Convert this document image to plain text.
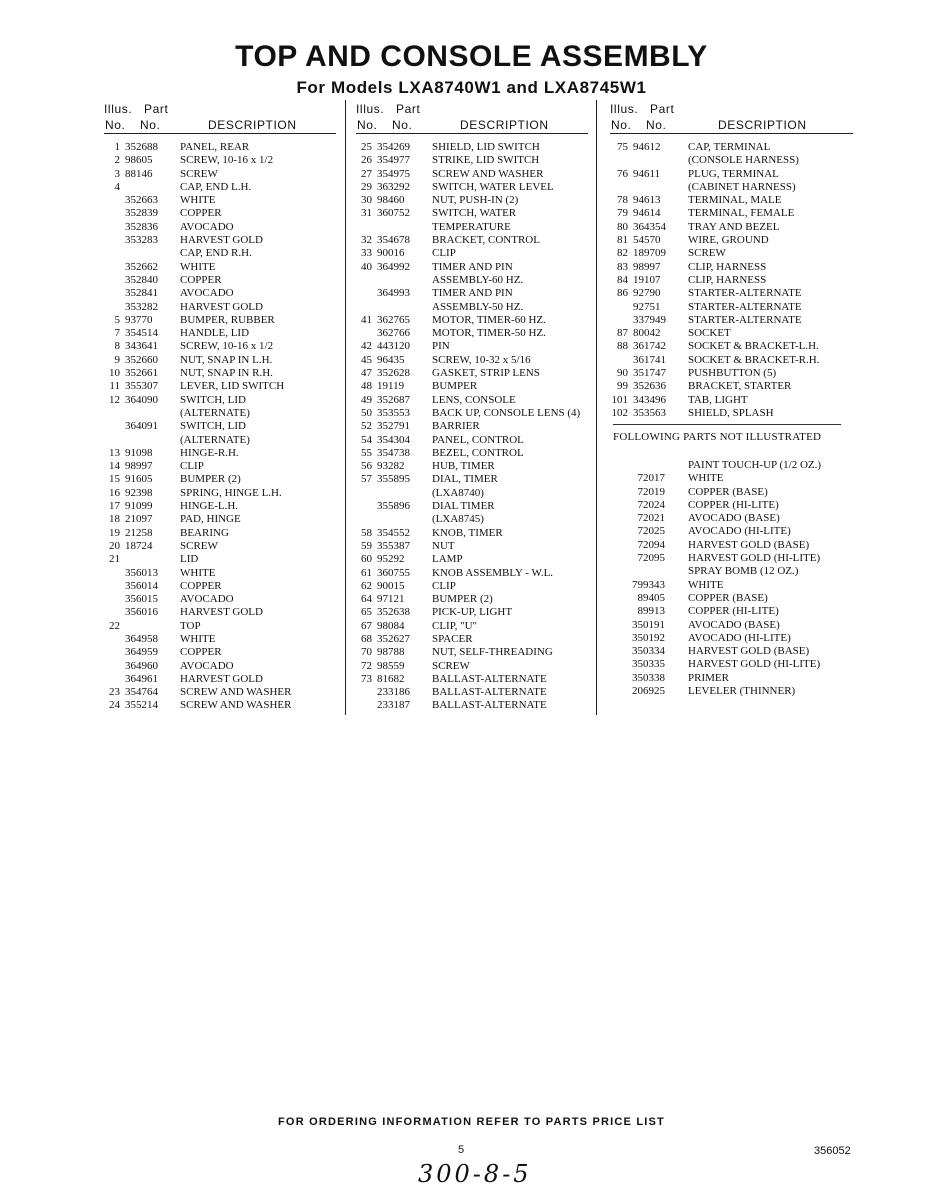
TOP AND CONSOLE ASSEMBLY
For Models LXA8740W1 and LXA8745W1
Illus. Part
No. No.	DESCRIPTION
1 352688 PANEL, REAR
2 98605	SCREW, 10-16 x 1/2
3 88146	SCREW
4	CAP, END L.H.
352663 WHITE
352839 COPPER
352836 AVOCADO
353283 HARVEST GOLD
CAP, END R.H.
352662 WHITE
352840 COPPER
352841 AVOCADO
353282 HARVEST GOLD
5 93770	BUMPER, RUBBER
7 354514 HANDLE, LID
8 343641 SCREW, 10-16 x 1/2
9 352660 NUT, SNAP IN L.H.
10 352661 NUT, SNAP IN R.H.
11 355307 LEVER, LID SWITCH
12 364090 SWITCH, LID
(ALTERNATE)
364091 SWITCH, LID
(ALTERNATE)
13 91098	HINGE-R.H.
14 98997	CLIP
15 91605	BUMPER (2)
16 92398	SPRING, HINGE L.H.
17 91099	HINGE-L.H.
18 21097	PAD, HINGE
19 21258	BEARING
20 18724	SCREW
21	LID
356013 WHITE
356014 COPPER
356015 AVOCADO
356016 HARVEST GOLD
22	TOP
364958 WHITE
364959 COPPER
364960 AVOCADO
364961 HARVEST GOLD
23 354764 SCREW AND WASHER
24 355214 SCREW AND WASHER
Illus. Part
No. No.	DESCRIPTION
25 354269 SHIELD, LID SWITCH
26 354977 STRIKE, LID SWITCH
27 354975 SCREW AND WASHER
29 363292 SWITCH, WATER LEVEL
30 98460	NUT, PUSH-IN (2)
31 360752 SWITCH, WATER
TEMPERATURE
32 354678 BRACKET, CONTROL
33 90016	CLIP
40 364992 TIMER AND PIN
ASSEMBLY-60 HZ.
364993 TIMER AND PIN
ASSEMBLY-50 HZ.
41 362765 MOTOR, TIMER-60 HZ.
362766 MOTOR, TIMER-50 HZ.
42 443120 PIN
45 96435	SCREW, 10-32 x 5/16
47 352628 GASKET, STRIP LENS
48 19119	BUMPER
49 352687 LENS, CONSOLE
50 353553 BACK UP, CONSOLE LENS (4)
52 352791 BARRIER
54 354304 PANEL, CONTROL
55 354738 BEZEL, CONTROL
56 93282	HUB, TIMER
57 355895 DIAL, TIMER
(LXA8740)
355896 DIAL TIMER
(LXA8745)
58 354552 KNOB, TIMER
59 355387 NUT
60 95292	LAMP
61 360755 KNOB ASSEMBLY - W.L.
62 90015	CLIP
64 97121	BUMPER (2)
65 352638 PICK-UP, LIGHT
67 98084	CLIP, "U"
68 352627 SPACER
70 98788	NUT, SELF-THREADING
72 98559	SCREW
73 81682	BALLAST-ALTERNATE
233186 BALLAST-ALTERNATE
233187 BALLAST-ALTERNATE
Illus. Part
No. No.	DESCRIPTION
75 94612	CAP, TERMINAL
(CONSOLE HARNESS)
76 94611	PLUG, TERMINAL
(CABINET HARNESS)
78 94613	TERMINAL, MALE
79 94614	TERMINAL, FEMALE
80 364354 TRAY AND BEZEL
81 54570	WIRE, GROUND
82 189709 SCREW
83 98997	CLIP, HARNESS
84 19107	CLIP, HARNESS
86 92790	STARTER-ALTERNATE
92751	STARTER-ALTERNATE
337949 STARTER-ALTERNATE
87 80042	SOCKET
88 361742 SOCKET & BRACKET-L.H.
361741 SOCKET & BRACKET-R.H.
90 351747 PUSHBUTTON (5)
99 352636 BRACKET, STARTER
101 343496 TAB, LIGHT
102 353563 SHIELD, SPLASH
FOLLOWING PARTS NOT ILLUSTRATED
PAINT TOUCH-UP (1/2 OZ.)
72017 WHITE
72019 COPPER (BASE)
72024 COPPER (HI-LITE)
72021 AVOCADO (BASE)
72025 AVOCADO (HI-LITE)
72094 HARVEST GOLD (BASE)
72095 HARVEST GOLD (HI-LITE)
SPRAY BOMB (12 OZ.)
799343 WHITE
89405 COPPER (BASE)
89913 COPPER (HI-LITE)
350191 AVOCADO (BASE)
350192 AVOCADO (HI-LITE)
350334 HARVEST GOLD (BASE)
350335 HARVEST GOLD (HI-LITE)
350338 PRIMER
206925 LEVELER (THINNER)
FOR ORDERING INFORMATION REFER TO PARTS PRICE LIST
5	356052
300-8-5
